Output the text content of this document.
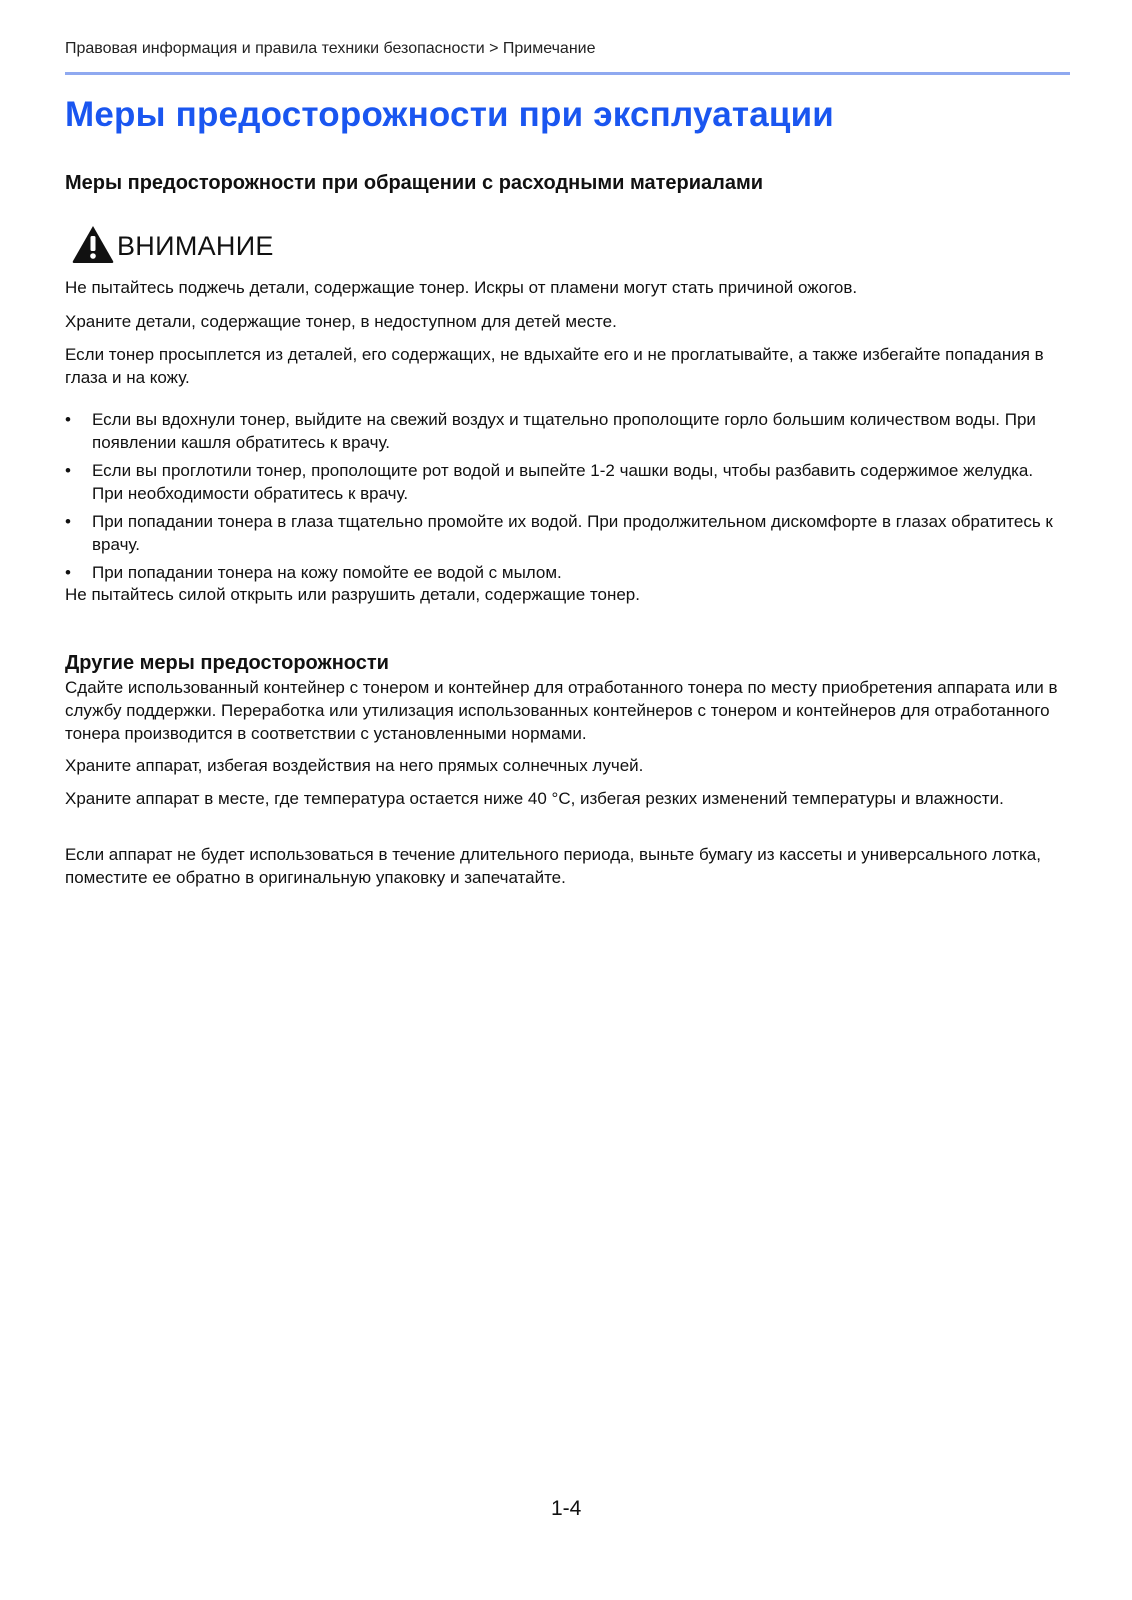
Правовая информация и правила техники безопасности > Примечание
Меры предосторожности при эксплуатации
Меры предосторожности при обращении с расходными материалами
ВНИМАНИЕ

Не пытайтесь поджечь детали, содержащие тонер. Искры от пламени могут стать причиной ожогов.

Храните детали, содержащие тонер, в недоступном для детей месте.

Если тонер просыплется из деталей, его содержащих, не вдыхайте его и не проглатывайте, а также избегайте попадания в глаза и на кожу.

• Если вы вдохнули тонер, выйдите на свежий воздух и тщательно прополощите горло большим количеством воды. При появлении кашля обратитесь к врачу.
• Если вы проглотили тонер, прополощите рот водой и выпейте 1-2 чашки воды, чтобы разбавить содержимое желудка. При необходимости обратитесь к врачу.
• При попадании тонера в глаза тщательно промойте их водой. При продолжительном дискомфорте в глазах обратитесь к врачу.
• При попадании тонера на кожу помойте ее водой с мылом.

Не пытайтесь силой открыть или разрушить детали, содержащие тонер.

Другие меры предосторожности

Сдайте использованный контейнер с тонером и контейнер для отработанного тонера по месту приобретения аппарата или в службу поддержки. Переработка или утилизация использованных контейнеров с тонером и контейнеров для отработанного тонера производится в соответствии с установленными нормами.

Храните аппарат, избегая воздействия на него прямых солнечных лучей.

Храните аппарат в месте, где температура остается ниже 40 °C, избегая резких изменений температуры и влажности.

Если аппарат не будет использоваться в течение длительного периода, выньте бумагу из кассеты и универсального лотка, поместите ее обратно в оригинальную упаковку и запечатайте.

1-4
